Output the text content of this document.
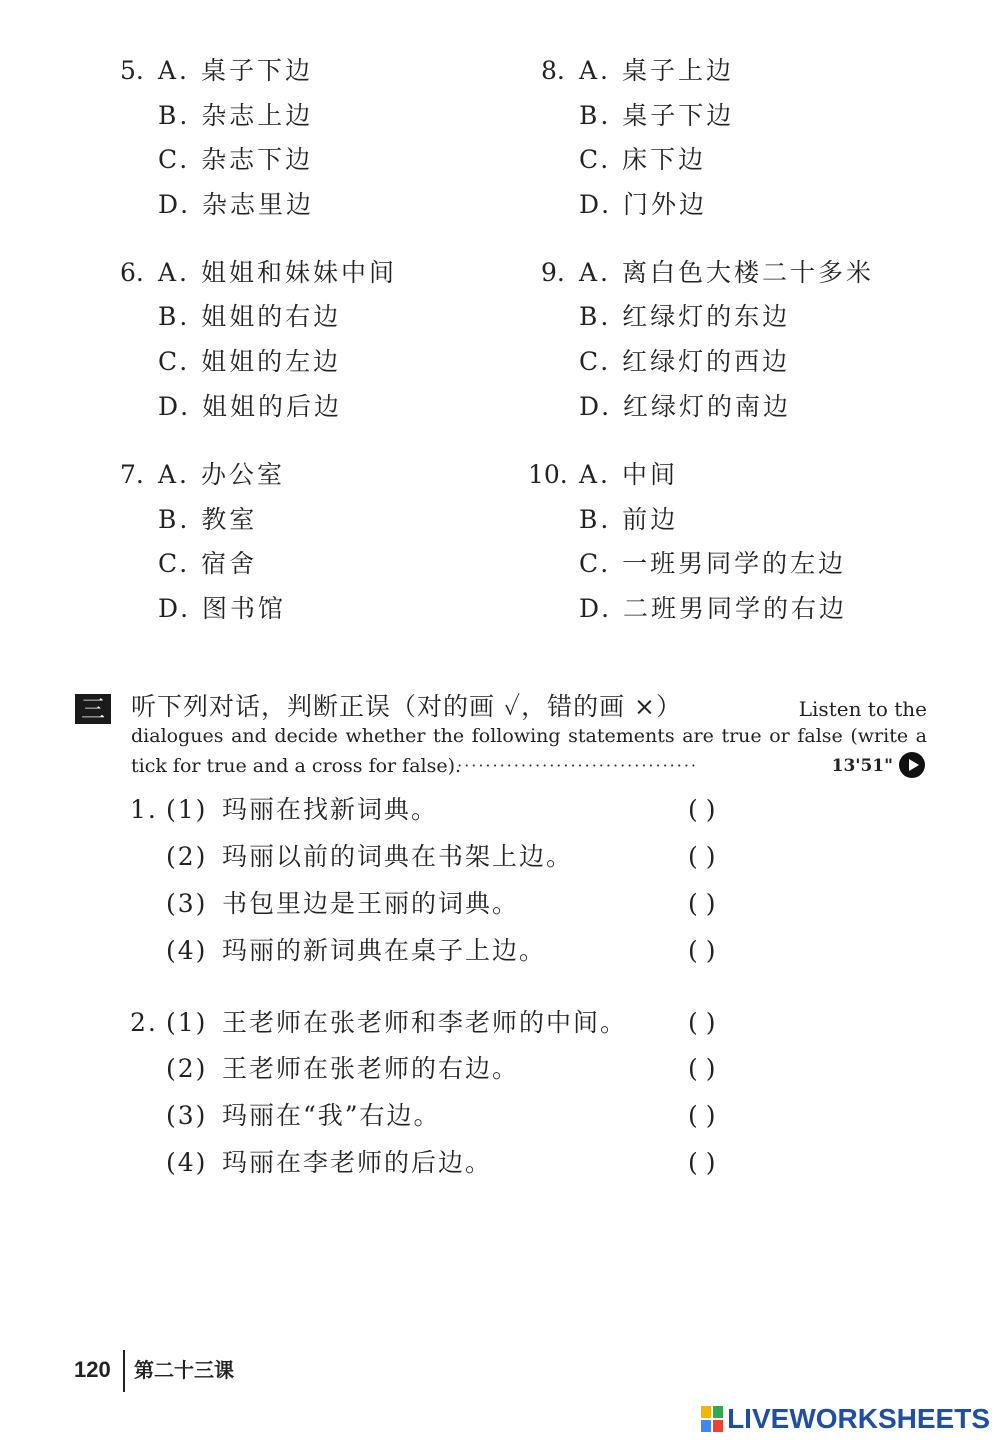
5. A. 桌子下边
B. 杂志上边
C. 杂志下边
D. 杂志里边
6. A. 姐姐和妹妹中间
B. 姐姐的右边
C. 姐姐的左边
D. 姐姐的后边
7. A. 办公室
B. 教室
C. 宿舍
D. 图书馆
8. A. 桌子上边
B. 桌子下边
C. 床下边
D. 门外边
9. A. 离白色大楼二十多米
B. 红绿灯的东边
C. 红绿灯的西边
D. 红绿灯的南边
10. A. 中间
B. 前边
C. 一班男同学的左边
D. 二班男同学的右边
三 听下列对话，判断正误（对的画 ✓，错的画 ×）	Listen to the
dialogues and decide whether the following statements are true or false (write a
tick for true and a cross for false).
···································	13'51"
1. (1) 玛丽在找新词典。	( )
(2) 玛丽以前的词典在书架上边。	( )
(3) 书包里边是王丽的词典。	( )
(4) 玛丽的新词典在桌子上边。	( )
2. (1) 王老师在张老师和李老师的中间。 ( )
(2) 王老师在张老师的右边。	( )
(3) 玛丽在“我”右边。	( )
(4) 玛丽在李老师的后边。	( )
120 第二十三课
LIVEWORKSHEETS
